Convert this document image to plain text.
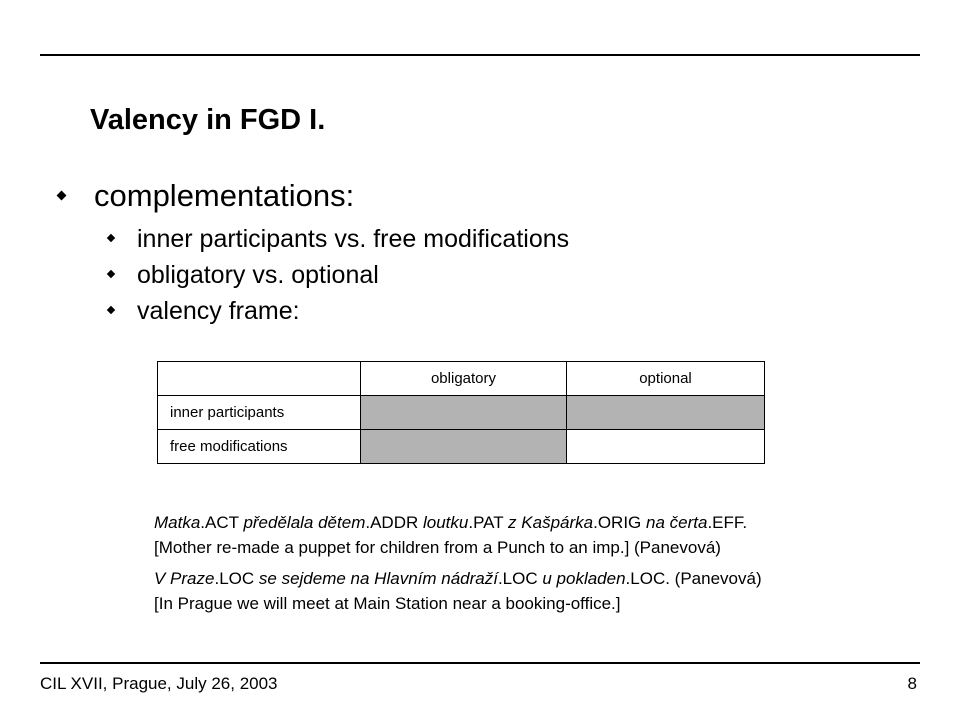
Valency in FGD I.
complementations:
inner participants vs. free modifications
obligatory vs. optional
valency frame:
	obligatory	optional
inner participants		
free modifications		
Matka.ACT předělala dětem.ADDR loutku.PAT z Kašpárka.ORIG na čerta.EFF.
[Mother re-made a puppet for children from a Punch to an imp.] (Panevová)
V Praze.LOC se sejdeme na Hlavním nádraží.LOC u pokladen.LOC. (Panevová)
[In Prague we will meet at Main Station near a booking-office.]
CIL XVII, Prague, July 26, 2003	8
